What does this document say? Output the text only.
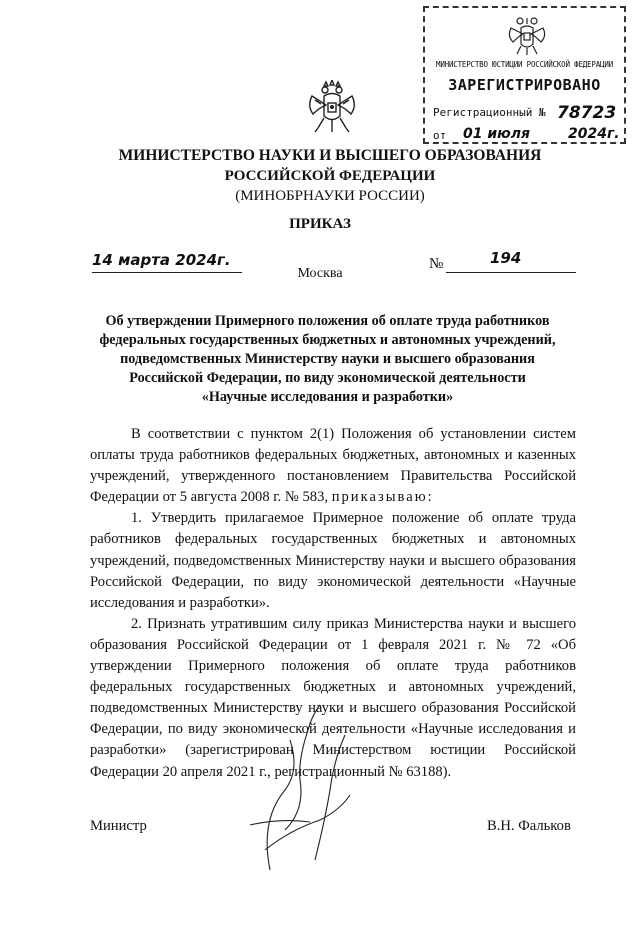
МИНИСТЕРСТВО ЮСТИЦИИ РОССИЙСКОЙ ФЕДЕРАЦИИ
ЗАРЕГИСТРИРОВАНО
Регистрационный № 78723
от 01 июля	2024г.
МИНИСТЕРСТВО НАУКИ И ВЫСШЕГО ОБРАЗОВАНИЯ
РОССИЙСКОЙ ФЕДЕРАЦИИ
(МИНОБРНАУКИ РОССИИ)
ПРИКАЗ
14 марта 2024г.	№	194
Москва
Об утверждении Примерного положения об оплате труда работников
федеральных государственных бюджетных и автономных учреждений,
подведомственных Министерству науки и высшего образования
Российской Федерации, по виду экономической деятельности
«Научные исследования и разработки»

В соответствии с пунктом 2(1) Положения об установлении систем оплаты труда работников федеральных бюджетных, автономных и казенных учреждений, утвержденного постановлением Правительства Российской Федерации от 5 августа 2008 г. № 583, приказываю:

1. Утвердить прилагаемое Примерное положение об оплате труда работников федеральных государственных бюджетных и автономных учреждений, подведомственных Министерству науки и высшего образования Российской Федерации, по виду экономической деятельности «Научные исследования и разработки».

2. Признать утратившим силу приказ Министерства науки и высшего образования Российской Федерации от 1 февраля 2021 г. № 72 «Об утверждении Примерного положения об оплате труда работников федеральных государственных бюджетных и автономных учреждений, подведомственных Министерству науки и высшего образования Российской Федерации, по виду экономической деятельности «Научные исследования и разработки» (зарегистрирован Министерством юстиции Российской Федерации 20 апреля 2021 г., регистрационный № 63188).

Министр	В.Н. Фальков
